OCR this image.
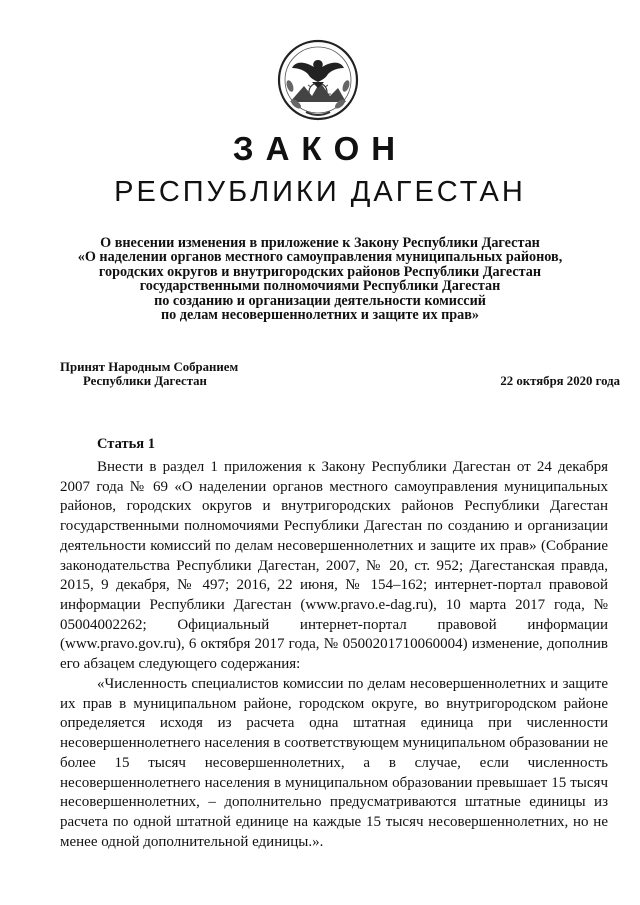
ЗАКОН
РЕСПУБЛИКИ ДАГЕСТАН
О внесении изменения в приложение к Закону Республики Дагестан
«О наделении органов местного самоуправления муниципальных районов,
городских округов и внутригородских районов Республики Дагестан
государственными полномочиями Республики Дагестан
по созданию и организации деятельности комиссий
по делам несовершеннолетних и защите их прав»
Принят Народным Собранием
Республики Дагестан	22 октября 2020 года
Статья 1

Внести в раздел 1 приложения к Закону Республики Дагестан от 24 декабря 2007 года № 69 «О наделении органов местного самоуправления муниципальных районов, городских округов и внутригородских районов Республики Дагестан государственными полномочиями Республики Дагестан по созданию и организации деятельности комиссий по делам несовершеннолетних и защите их прав» (Собрание законодательства Республики Дагестан, 2007, № 20, ст. 952; Дагестанская правда, 2015, 9 декабря, № 497; 2016, 22 июня, № 154–162; интернет-портал правовой информации Республики Дагестан (www.pravo.e-dag.ru), 10 марта 2017 года, № 05004002262; Официальный интернет-портал правовой информации (www.pravo.gov.ru), 6 октября 2017 года, № 0500201710060004) изменение, дополнив его абзацем следующего содержания:

«Численность специалистов комиссии по делам несовершеннолетних и защите их прав в муниципальном районе, городском округе, во внутригородском районе определяется исходя из расчета одна штатная единица при численности несовершеннолетнего населения в соответствующем муниципальном образовании не более 15 тысяч несовершеннолетних, а в случае, если численность несовершеннолетнего населения в муниципальном образовании превышает 15 тысяч несовершеннолетних, – дополнительно предусматриваются штатные единицы из расчета по одной штатной единице на каждые 15 тысяч несовершеннолетних, но не менее одной дополнительной единицы.».
